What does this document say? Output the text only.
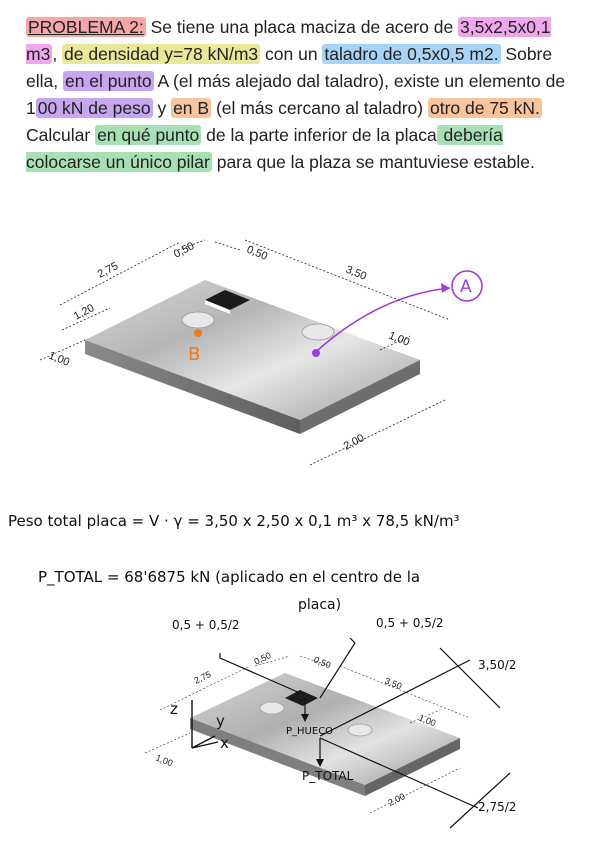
PROBLEMA 2: Se tiene una placa maciza de acero de 3,5x2,5x0,1 m3 , de densidad y=78 kN/m3 con un taladro de 0,5x0,5 m2. Sobre ella, en el punto A (el más alejado dal taladro), existe un elemento de 1 00 kN de peso y en B (el más cercano al taladro) otro de 75 kN. Calcular en qué punto de la parte inferior de la placa debería colocarse un único pilar para que la plaza se mantuviese estable.
B
A
2,75
0,50	0,50
3,50
1,20
1,00
1,00
2,00
Peso total placa = V · γ = 3,50 x 2,50 x 0,1 m³ x 78,5 kN/m³
P_TOTAL = 68'6875 kN (aplicado en el centro de la
placa)
0,5 + 0,5/2	0,5 + 0,5/2
3,50/2
2,75/2
z
y
x
P_HUECO
P_TOTAL
2,75
0,50	0,50
3,50
1,00
1,00
2,00
